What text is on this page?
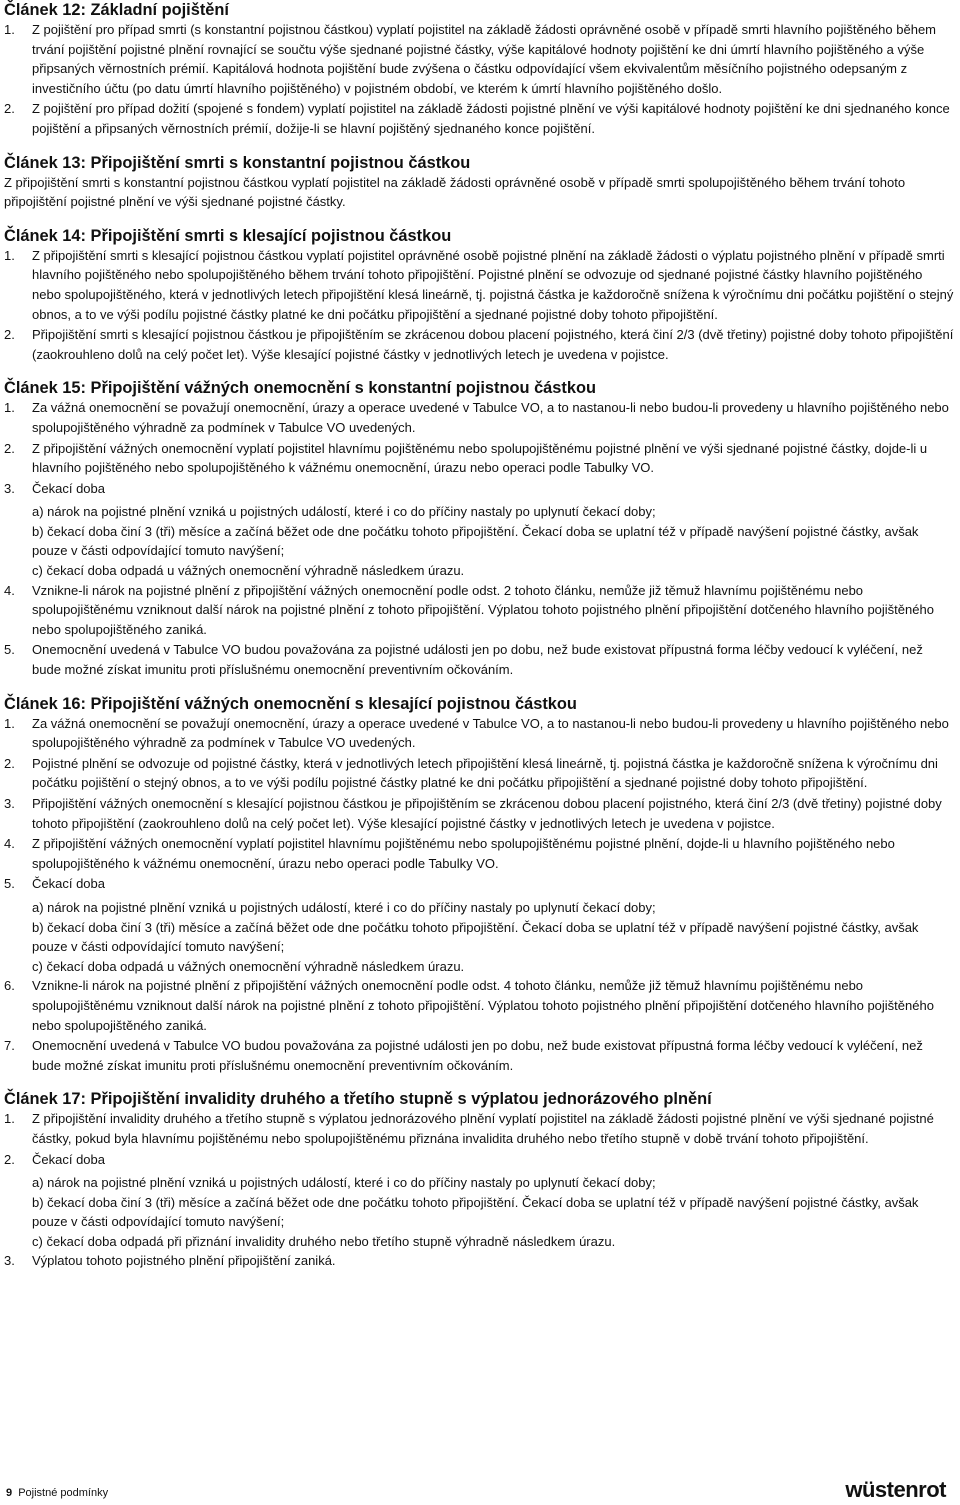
Článek 12: Základní pojištění
1.	Z pojištění pro případ smrti (s konstantní pojistnou částkou) vyplatí pojistitel na základě žádosti oprávněné osobě v případě smrti hlavního pojištěného během trvání pojištění pojistné plnění rovnající se součtu výše sjednané pojistné částky, výše kapitálové hodnoty pojištění ke dni úmrtí hlavního pojištěného a výše připsaných věrnostních prémií. Kapitálová hodnota pojištění bude zvýšena o částku odpovídající všem ekvivalentům měsíčního pojistného odepsaným z investičního účtu (po datu úmrtí hlavního pojištěného) v pojistném období, ve kterém k úmrtí hlavního pojištěného došlo.
2.	Z pojištění pro případ dožití (spojené s fondem) vyplatí pojistitel na základě žádosti pojistné plnění ve výši kapitálové hodnoty pojištění ke dni sjednaného konce pojištění a připsaných věrnostních prémií, dožije-li se hlavní pojištěný sjednaného konce pojištění.
Článek 13: Připojištění smrti s konstantní pojistnou částkou
Z připojištění smrti s konstantní pojistnou částkou vyplatí pojistitel na základě žádosti oprávněné osobě v případě smrti spolupojištěného během trvání tohoto připojištění pojistné plnění ve výši sjednané pojistné částky.
Článek 14: Připojištění smrti s klesající pojistnou částkou
1.	Z připojištění smrti s klesající pojistnou částkou vyplatí pojistitel oprávněné osobě pojistné plnění na základě žádosti o výplatu pojistného plnění v případě smrti hlavního pojištěného nebo spolupojištěného během trvání tohoto připojištění. Pojistné plnění se odvozuje od sjednané pojistné částky hlavního pojištěného nebo spolupojištěného, která v jednotlivých letech připojištění klesá lineárně, tj. pojistná částka je každoročně snížena k výročnímu dni počátku pojištění o stejný obnos, a to ve výši podílu pojistné částky platné ke dni počátku připojištění a sjednané pojistné doby tohoto připojištění.
2.	Připojištění smrti s klesající pojistnou částkou je připojištěním se zkrácenou dobou placení pojistného, která činí 2/3 (dvě třetiny) pojistné doby tohoto připojištění (zaokrouhleno dolů na celý počet let). Výše klesající pojistné částky v jednotlivých letech je uvedena v pojistce.
Článek 15: Připojištění vážných onemocnění s konstantní pojistnou částkou
1.	Za vážná onemocnění se považují onemocnění, úrazy a operace uvedené v Tabulce VO, a to nastanou-li nebo budou-li provedeny u hlavního pojištěného nebo spolupojištěného výhradně za podmínek v Tabulce VO uvedených.
2.	Z připojištění vážných onemocnění vyplatí pojistitel hlavnímu pojištěnému nebo spolupojištěnému pojistné plnění ve výši sjednané pojistné částky, dojde-li u hlavního pojištěného nebo spolupojištěného k vážnému onemocnění, úrazu nebo operaci podle Tabulky VO.
3.	Čekací doba
a) nárok na pojistné plnění vzniká u pojistných událostí, které i co do příčiny nastaly po uplynutí čekací doby;
b) čekací doba činí 3 (tři) měsíce a začíná běžet ode dne počátku tohoto připojištění. Čekací doba se uplatní též v případě navýšení pojistné částky, avšak pouze v části odpovídající tomuto navýšení;
c) čekací doba odpadá u vážných onemocnění výhradně následkem úrazu.
4.	Vznikne-li nárok na pojistné plnění z připojištění vážných onemocnění podle odst. 2 tohoto článku, nemůže již těmuž hlavnímu pojištěnému nebo spolupojištěnému vzniknout další nárok na pojistné plnění z tohoto připojištění. Výplatou tohoto pojistného plnění připojištění dotčeného hlavního pojištěného nebo spolupojištěného zaniká.
5.	Onemocnění uvedená v Tabulce VO budou považována za pojistné události jen po dobu, než bude existovat přípustná forma léčby vedoucí k vyléčení, než bude možné získat imunitu proti příslušnému onemocnění preventivním očkováním.
Článek 16: Připojištění vážných onemocnění s klesající pojistnou částkou
1.	Za vážná onemocnění se považují onemocnění, úrazy a operace uvedené v Tabulce VO, a to nastanou-li nebo budou-li provedeny u hlavního pojištěného nebo spolupojištěného výhradně za podmínek v Tabulce VO uvedených.
2.	Pojistné plnění se odvozuje od pojistné částky, která v jednotlivých letech připojištění klesá lineárně, tj. pojistná částka je každoročně snížena k výročnímu dni počátku pojištění o stejný obnos, a to ve výši podílu pojistné částky platné ke dni počátku připojištění a sjednané pojistné doby tohoto připojištění.
3.	Připojištění vážných onemocnění s klesající pojistnou částkou je připojištěním se zkrácenou dobou placení pojistného, která činí 2/3 (dvě třetiny) pojistné doby tohoto připojištění (zaokrouhleno dolů na celý počet let). Výše klesající pojistné částky v jednotlivých letech je uvedena v pojistce.
4.	Z připojištění vážných onemocnění vyplatí pojistitel hlavnímu pojištěnému nebo spolupojištěnému pojistné plnění, dojde-li u hlavního pojištěného nebo spolupojištěného k vážnému onemocnění, úrazu nebo operaci podle Tabulky VO.
5.	Čekací doba
a) nárok na pojistné plnění vzniká u pojistných událostí, které i co do příčiny nastaly po uplynutí čekací doby;
b) čekací doba činí 3 (tři) měsíce a začíná běžet ode dne počátku tohoto připojištění. Čekací doba se uplatní též v případě navýšení pojistné částky, avšak pouze v části odpovídající tomuto navýšení;
c) čekací doba odpadá u vážných onemocnění výhradně následkem úrazu.
6.	Vznikne-li nárok na pojistné plnění z připojištění vážných onemocnění podle odst. 4 tohoto článku, nemůže již těmuž hlavnímu pojištěnému nebo spolupojištěnému vzniknout další nárok na pojistné plnění z tohoto připojištění. Výplatou tohoto pojistného plnění připojištění dotčeného hlavního pojištěného nebo spolupojištěného zaniká.
7.	Onemocnění uvedená v Tabulce VO budou považována za pojistné události jen po dobu, než bude existovat přípustná forma léčby vedoucí k vyléčení, než bude možné získat imunitu proti příslušnému onemocnění preventivním očkováním.
Článek 17: Připojištění invalidity druhého a třetího stupně s výplatou jednorázového plnění
1.	Z připojištění invalidity druhého a třetího stupně s výplatou jednorázového plnění vyplatí pojistitel na základě žádosti pojistné plnění ve výši sjednané pojistné částky, pokud byla hlavnímu pojištěnému nebo spolupojištěnému přiznána invalidita druhého nebo třetího stupně v době trvání tohoto připojištění.
2.	Čekací doba
a) nárok na pojistné plnění vzniká u pojistných událostí, které i co do příčiny nastaly po uplynutí čekací doby;
b) čekací doba činí 3 (tři) měsíce a začíná běžet ode dne počátku tohoto připojištění. Čekací doba se uplatní též v případě navýšení pojistné částky, avšak pouze v části odpovídající tomuto navýšení;
c) čekací doba odpadá při přiznání invalidity druhého nebo třetího stupně výhradně následkem úrazu.
3.	Výplatou tohoto pojistného plnění připojištění zaniká.
9 Pojistné podmínky	wüstenrot
